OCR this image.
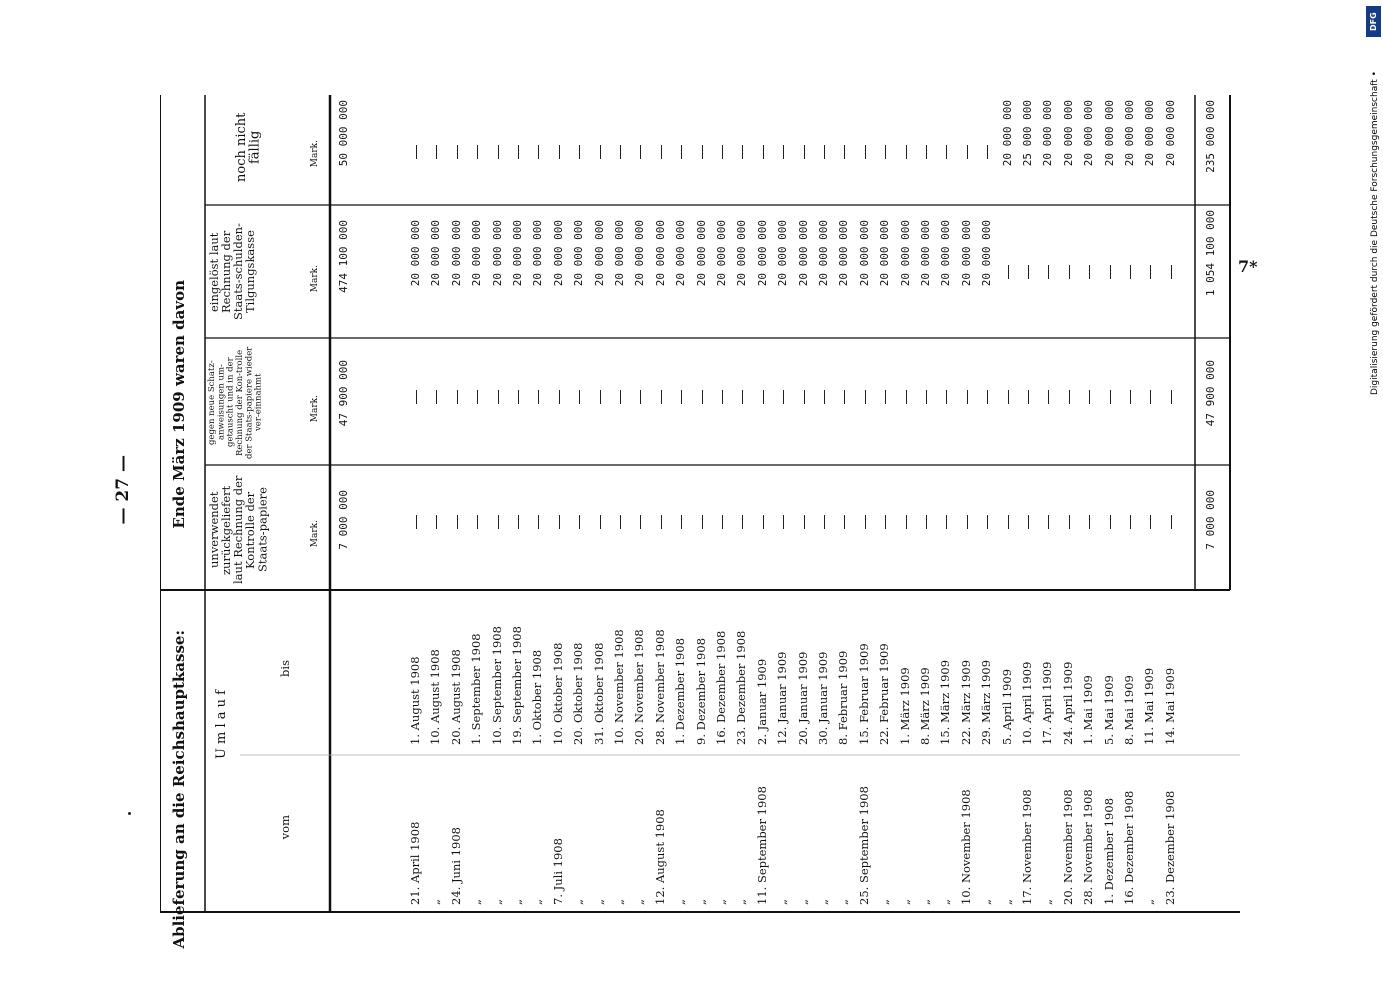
— 27 —
7*	Digitalisierung gefördert durch die Deutsche Forschungsgemeinschaft •
DFG
Ablieferung an die Reichshauptkasse:
Ende März 1909 waren davon
U m l a u f
vom
bis
unverwendet zurückgeliefert laut Rechnung der Kontrolle der Staats-papiere
gegen neue Schatz-anweisungen um-getauscht und in der Rechnung der Kon-trolle der Staats-papiere wieder ver-einnahmt
eingelöst laut Rechnung der Staats-schulden-Tilgungskasse
noch nicht fällig
Mark.
Mark.
Mark.
Mark.
7 000 000
47 900 000
474 100 000
50 000 000
21. April 1908
1. August 1908
20 000 000
„
10. August 1908
20 000 000
24. Juni 1908
20. August 1908
20 000 000
„
1. September 1908
20 000 000
„
10. September 1908
20 000 000
„
19. September 1908
20 000 000
„
1. Oktober 1908
20 000 000
7. Juli 1908
10. Oktober 1908
20 000 000
„
20. Oktober 1908
20 000 000
„
31. Oktober 1908
20 000 000
„
10. November 1908
20 000 000
„
20. November 1908
20 000 000
12. August 1908
28. November 1908
20 000 000
„
1. Dezember 1908
20 000 000
„
9. Dezember 1908
20 000 000
„
16. Dezember 1908
20 000 000
„
23. Dezember 1908
20 000 000
11. September 1908
2. Januar 1909
20 000 000
„
12. Januar 1909
20 000 000
„
20. Januar 1909
20 000 000
„
30. Januar 1909
20 000 000
„
8. Februar 1909
20 000 000
25. September 1908
15. Februar 1909
20 000 000
„
22. Februar 1909
20 000 000
„
1. März 1909
20 000 000
„
8. März 1909
20 000 000
„
15. März 1909
20 000 000
10. November 1908
22. März 1909
20 000 000
„
29. März 1909
20 000 000
„
5. April 1909
20 000 000
17. November 1908
10. April 1909
25 000 000
„
17. April 1909
20 000 000
20. November 1908
24. April 1909
20 000 000
28. November 1908
1. Mai 1909
20 000 000
1. Dezember 1908
5. Mai 1909
20 000 000
16. Dezember 1908
8. Mai 1909
20 000 000
„
11. Mai 1909
20 000 000
23. Dezember 1908
14. Mai 1909
20 000 000
7 000 000
47 900 000
1 054 100 000
235 000 000
